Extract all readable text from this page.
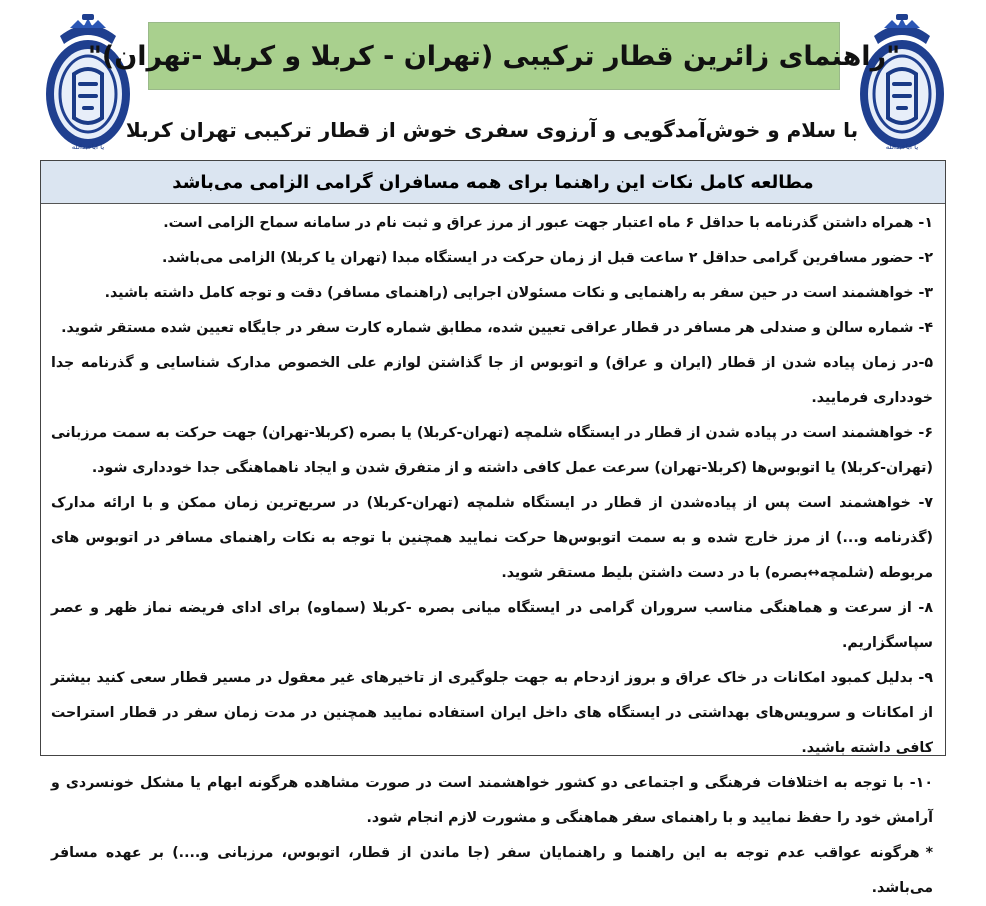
یا اباعبدالله	یا اباعبدالله
"راهنمای زائرین قطار ترکیبی (تهران - کربلا و کربلا -تهران)"
با سلام و خوش‌آمدگویی و آرزوی سفری خوش از قطار ترکیبی تهران کربلا
مطالعه کامل نکات این راهنما برای همه مسافران گرامی الزامی می‌باشد

۱- همراه داشتن گذرنامه با حداقل ۶ ماه اعتبار جهت عبور از مرز عراق و ثبت نام در سامانه سماح الزامی است.

۲- حضور مسافرین گرامی حداقل ۲ ساعت قبل از زمان حرکت در ایستگاه مبدا (تهران یا کربلا) الزامی می‌باشد.

۳- خواهشمند است در حین سفر به راهنمایی و نکات مسئولان اجرایی (راهنمای مسافر) دقت و توجه کامل داشته باشید.

۴- شماره سالن و صندلی هر مسافر در قطار عراقی تعیین شده، مطابق شماره کارت سفر در جایگاه تعیین شده مستقر شوید.

۵-در زمان پیاده شدن از قطار (ایران و عراق) و اتوبوس از جا گذاشتن لوازم علی الخصوص مدارک شناسایی و گذرنامه جدا خودداری فرمایید.

۶- خواهشمند است در پیاده شدن از قطار در ایستگاه شلمچه (تهران-کربلا) یا بصره (کربلا-تهران) جهت حرکت به سمت مرزبانی (تهران-کربلا) یا اتوبوس‌ها (کربلا-تهران) سرعت عمل کافی داشته و از متفرق شدن و ایجاد ناهماهنگی جدا خودداری شود.

۷- خواهشمند است پس از پیاده‌شدن از قطار در ایستگاه شلمچه (تهران-کربلا) در سریع‌ترین زمان ممکن و با ارائه مدارک (گذرنامه و...) از مرز خارج شده و به سمت اتوبوس‌ها حرکت نمایید همچنین با توجه به نکات راهنمای مسافر در اتوبوس های مربوطه (شلمچه↔بصره) با در دست داشتن بلیط مستقر شوید.

۸- از سرعت و هماهنگی مناسب سروران گرامی در ایستگاه میانی بصره -کربلا (سماوه) برای ادای فریضه نماز ظهر و عصر سپاسگزاریم.

۹- بدلیل کمبود امکانات در خاک عراق و بروز ازدحام به جهت جلوگیری از تاخیرهای غیر معقول در مسیر قطار سعی کنید بیشتر از امکانات و سرویس‌های بهداشتی در ایستگاه های داخل ایران استفاده نمایید همچنین در مدت زمان سفر در قطار استراحت کافی داشته باشید.

۱۰- با توجه به اختلافات فرهنگی و اجتماعی دو کشور خواهشمند است در صورت مشاهده هرگونه ابهام یا مشکل خونسردی و آرامش خود را حفظ نمایید و با راهنمای سفر هماهنگی و مشورت لازم انجام شود.

*هرگونه عواقب عدم توجه به این راهنما و راهنمایان سفر (جا ماندن از قطار، اتوبوس، مرزبانی و....) بر عهده مسافر می‌باشد.
